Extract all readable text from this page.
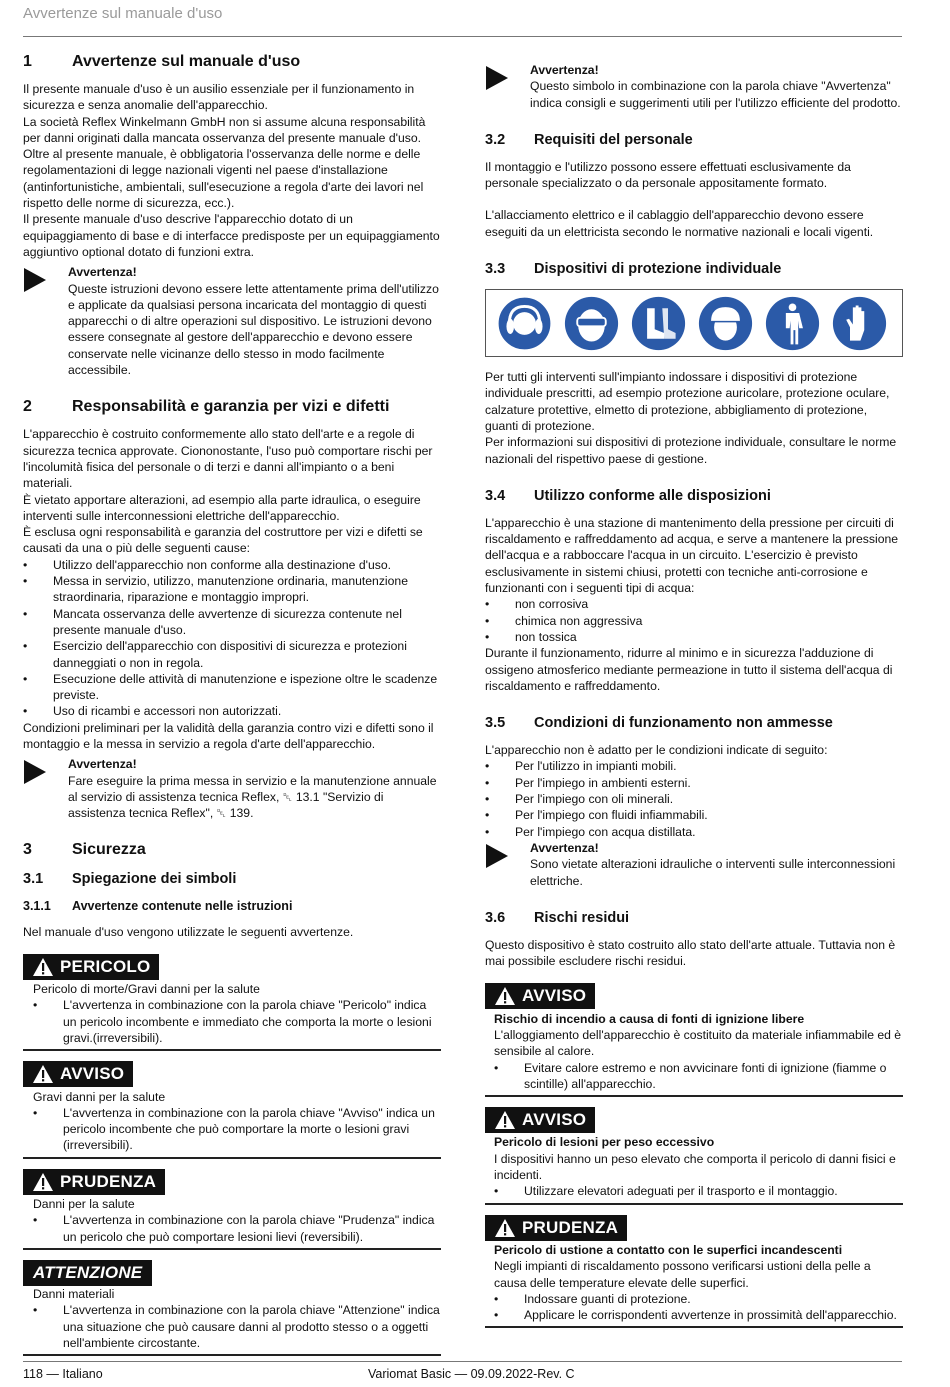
Avvertenze sul manuale d'uso
1	Avvertenze sul manuale d'uso

Il presente manuale d'uso è un ausilio essenziale per il funzionamento in sicurezza e senza anomalie dell'apparecchio.

La società Reflex Winkelmann GmbH non si assume alcuna responsabilità per danni originati dalla mancata osservanza del presente manuale d'uso. Oltre al presente manuale, è obbligatoria l'osservanza delle norme e delle regolamentazioni di legge nazionali vigenti nel paese d'installazione (antinfortunistiche, ambientali, sull'esecuzione a regola d'arte dei lavori nel rispetto delle norme di sicurezza, ecc.).

Il presente manuale d'uso descrive l'apparecchio dotato di un equipaggiamento di base e di interfacce predisposte per un equipaggiamento aggiuntivo optional dotato di funzioni extra.

Avvertenza!
Queste istruzioni devono essere lette attentamente prima dell'utilizzo e applicate da qualsiasi persona incaricata del montaggio di questi apparecchi o di altre operazioni sul dispositivo. Le istruzioni devono essere consegnate al gestore dell'apparecchio e devono essere conservate nelle vicinanze dello stesso in modo facilmente accessibile.
2	Responsabilità e garanzia per vizi e difetti

L'apparecchio è costruito conformemente allo stato dell'arte e a regole di sicurezza tecnica approvate. Ciononostante, l'uso può comportare rischi per l'incolumità fisica del personale o di terzi e danni all'impianto o a beni materiali.

È vietato apportare alterazioni, ad esempio alla parte idraulica, o eseguire interventi sulle interconnessioni elettriche dell'apparecchio.

È esclusa ogni responsabilità e garanzia del costruttore per vizi e difetti se causati da una o più delle seguenti cause:

• Utilizzo dell'apparecchio non conforme alla destinazione d'uso.
• Messa in servizio, utilizzo, manutenzione ordinaria, manutenzione straordinaria, riparazione e montaggio impropri.
• Mancata osservanza delle avvertenze di sicurezza contenute nel presente manuale d'uso.
• Esercizio dell'apparecchio con dispositivi di sicurezza e protezioni danneggiati o non in regola.
• Esecuzione delle attività di manutenzione e ispezione oltre le scadenze previste.
• Uso di ricambi e accessori non autorizzati.

Condizioni preliminari per la validità della garanzia contro vizi e difetti sono il montaggio e la messa in servizio a regola d'arte dell'apparecchio.

Avvertenza!
Fare eseguire la prima messa in servizio e la manutenzione annuale al servizio di assistenza tecnica Reflex, ␡ 13.1 "Servizio di assistenza tecnica Reflex", ␡ 139.
3	Sicurezza
3.1	Spiegazione dei simboli
3.1.1	Avvertenze contenute nelle istruzioni

Nel manuale d'uso vengono utilizzate le seguenti avvertenze.

PERICOLO
Pericolo di morte/Gravi danni per la salute
• L'avvertenza in combinazione con la parola chiave "Pericolo" indica un pericolo incombente e immediato che comporta la morte o lesioni gravi.(irreversibili).
AVVISO
Gravi danni per la salute
• L'avvertenza in combinazione con la parola chiave "Avviso" indica un pericolo incombente che può comportare la morte o lesioni gravi (irreversibili).
PRUDENZA
Danni per la salute
• L'avvertenza in combinazione con la parola chiave "Prudenza" indica un pericolo che può comportare lesioni lievi (reversibili).
ATTENZIONE
Danni materiali
• L'avvertenza in combinazione con la parola chiave "Attenzione" indica una situazione che può causare danni al prodotto stesso o a oggetti nell'ambiente circostante.
Avvertenza!
Questo simbolo in combinazione con la parola chiave "Avvertenza" indica consigli e suggerimenti utili per l'utilizzo efficiente del prodotto.
3.2	Requisiti del personale

Il montaggio e l'utilizzo possono essere effettuati esclusivamente da personale specializzato o da personale appositamente formato.

L'allacciamento elettrico e il cablaggio dell'apparecchio devono essere eseguiti da un elettricista secondo le normative nazionali e locali vigenti.

3.3	Dispositivi di protezione individuale

Per tutti gli interventi sull'impianto indossare i dispositivi di protezione individuale prescritti, ad esempio protezione auricolare, protezione oculare, calzature protettive, elmetto di protezione, abbigliamento di protezione, guanti di protezione.

Per informazioni sui dispositivi di protezione individuale, consultare le norme nazionali del rispettivo paese di gestione.

3.4	Utilizzo conforme alle disposizioni

L'apparecchio è una stazione di mantenimento della pressione per circuiti di riscaldamento e raffreddamento ad acqua, e serve a mantenere la pressione dell'acqua e a rabboccare l'acqua in un circuito. L'esercizio è previsto esclusivamente in sistemi chiusi, protetti con tecniche anti-corrosione e funzionanti con i seguenti tipi di acqua:

• non corrosiva
• chimica non aggressiva
• non tossica

Durante il funzionamento, ridurre al minimo e in sicurezza l'adduzione di ossigeno atmosferico mediante permeazione in tutto il sistema dell'acqua di riscaldamento e raffreddamento.

3.5	Condizioni di funzionamento non ammesse

L'apparecchio non è adatto per le condizioni indicate di seguito:

• Per l'utilizzo in impianti mobili.
• Per l'impiego in ambienti esterni.
• Per l'impiego con oli minerali.
• Per l'impiego con fluidi infiammabili.
• Per l'impiego con acqua distillata.
Avvertenza!
Sono vietate alterazioni idrauliche o interventi sulle interconnessioni elettriche.
3.6	Rischi residui

Questo dispositivo è stato costruito allo stato dell'arte attuale. Tuttavia non è mai possibile escludere rischi residui.

AVVISO
Rischio di incendio a causa di fonti di ignizione libere
L'alloggiamento dell'apparecchio è costituito da materiale infiammabile ed è sensibile al calore.
• Evitare calore estremo e non avvicinare fonti di ignizione (fiamme o scintille) all'apparecchio.
AVVISO
Pericolo di lesioni per peso eccessivo
I dispositivi hanno un peso elevato che comporta il pericolo di danni fisici e incidenti.
• Utilizzare elevatori adeguati per il trasporto e il montaggio.
PRUDENZA
Pericolo di ustione a contatto con le superfici incandescenti
Negli impianti di riscaldamento possono verificarsi ustioni della pelle a causa delle temperature elevate delle superfici.
• Indossare guanti di protezione.
• Applicare le corrispondenti avvertenze in prossimità dell'apparecchio.
118 — Italiano	Variomat Basic — 09.09.2022-Rev. C
